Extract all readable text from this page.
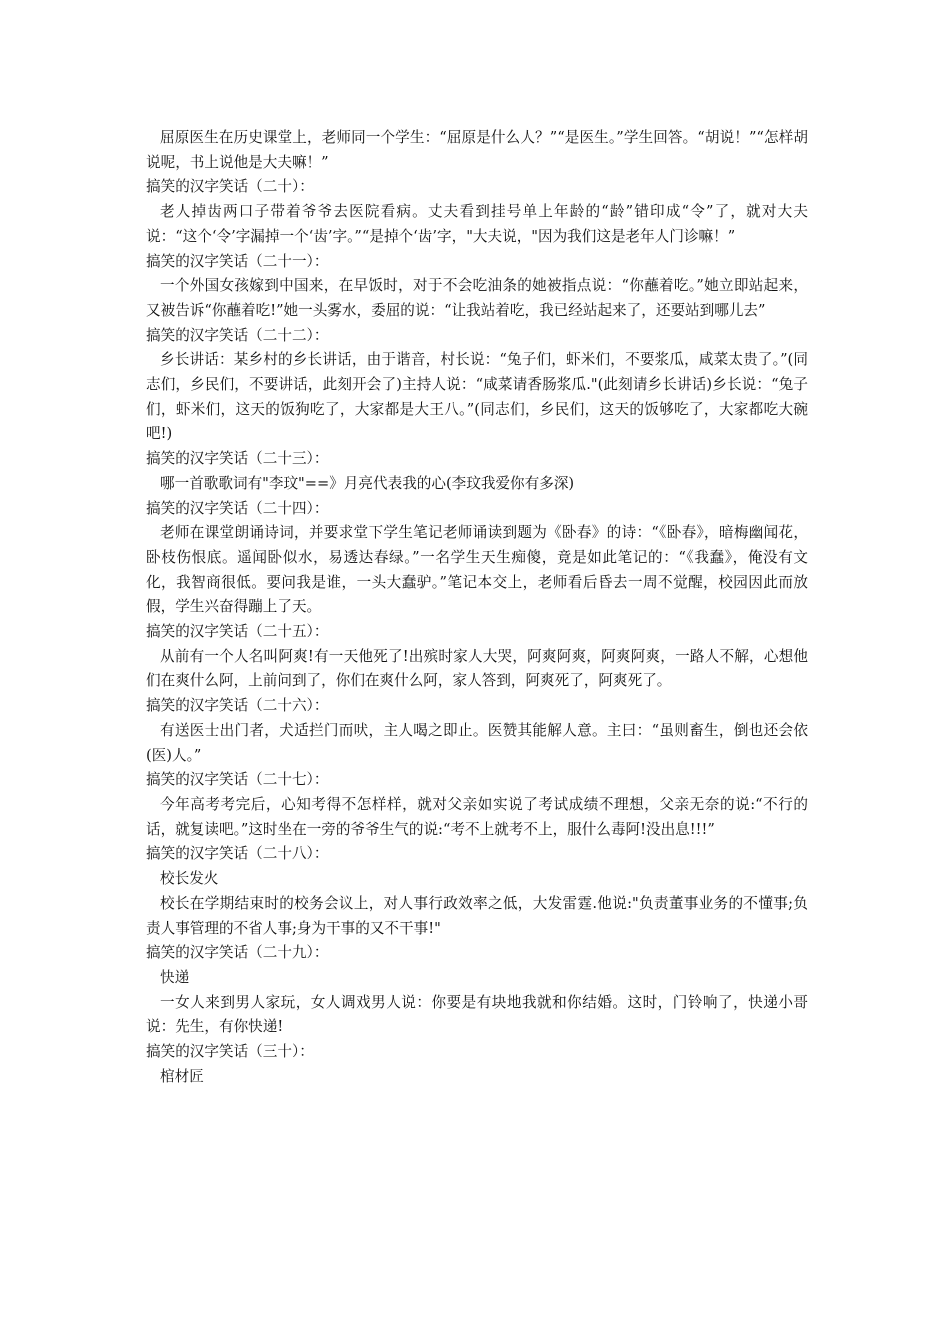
屈原医生在历史课堂上，老师同一个学生：“屈原是什么人？”“是医生。”学生回答。“胡说！”“怎样胡说呢，书上说他是大夫嘛！”

搞笑的汉字笑话（二十）：

老人掉齿两口子带着爷爷去医院看病。丈夫看到挂号单上年龄的“龄”错印成“令”了，就对大夫说：“这个‘令’字漏掉一个‘齿’字。”“是掉个‘齿’字，"大夫说，"因为我们这是老年人门诊嘛！”

搞笑的汉字笑话（二十一）：

一个外国女孩嫁到中国来，在早饭时，对于不会吃油条的她被指点说：“你蘸着吃。”她立即站起来，又被告诉“你蘸着吃!”她一头雾水，委屈的说：“让我站着吃，我已经站起来了，还要站到哪儿去”

搞笑的汉字笑话（二十二）：

乡长讲话：某乡村的乡长讲话，由于谐音，村长说：“兔子们，虾米们，不要浆瓜，咸菜太贵了。”(同志们，乡民们，不要讲话，此刻开会了)主持人说：“咸菜请香肠浆瓜."(此刻请乡长讲话)乡长说：“兔子们，虾米们，这天的饭狗吃了，大家都是大王八。”(同志们，乡民们，这天的饭够吃了，大家都吃大碗吧!)

搞笑的汉字笑话（二十三）：

哪一首歌歌词有"李玟"==》月亮代表我的心(李玟我爱你有多深)

搞笑的汉字笑话（二十四）：

老师在课堂朗诵诗词，并要求堂下学生笔记老师诵读到题为《卧春》的诗：“《卧春》，暗梅幽闻花，卧枝伤恨底。遥闻卧似水，易透达春绿。”一名学生天生痴傻，竟是如此笔记的：“《我蠢》，俺没有文化，我智商很低。要问我是谁，一头大蠢驴。”笔记本交上，老师看后昏去一周不觉醒，校园因此而放假，学生兴奋得蹦上了天。

搞笑的汉字笑话（二十五）：

从前有一个人名叫阿爽!有一天他死了!出殡时家人大哭，阿爽阿爽，阿爽阿爽，一路人不解，心想他们在爽什么阿，上前问到了，你们在爽什么阿，家人答到，阿爽死了，阿爽死了。

搞笑的汉字笑话（二十六）：

有送医士出门者，犬适拦门而吠，主人喝之即止。医赞其能解人意。主曰：“虽则畜生，倒也还会依(医)人。”

搞笑的汉字笑话（二十七）：

今年高考考完后，心知考得不怎样样，就对父亲如实说了考试成绩不理想，父亲无奈的说:“不行的话，就复读吧。”这时坐在一旁的爷爷生气的说:“考不上就考不上，服什么毒阿!没出息!!!”

搞笑的汉字笑话（二十八）：

校长发火

校长在学期结束时的校务会议上，对人事行政效率之低，大发雷霆.他说:"负责董事业务的不懂事;负责人事管理的不省人事;身为干事的又不干事!"

搞笑的汉字笑话（二十九）：

快递

一女人来到男人家玩，女人调戏男人说：你要是有块地我就和你结婚。这时，门铃响了，快递小哥说：先生，有你快递!

搞笑的汉字笑话（三十）：

棺材匠
